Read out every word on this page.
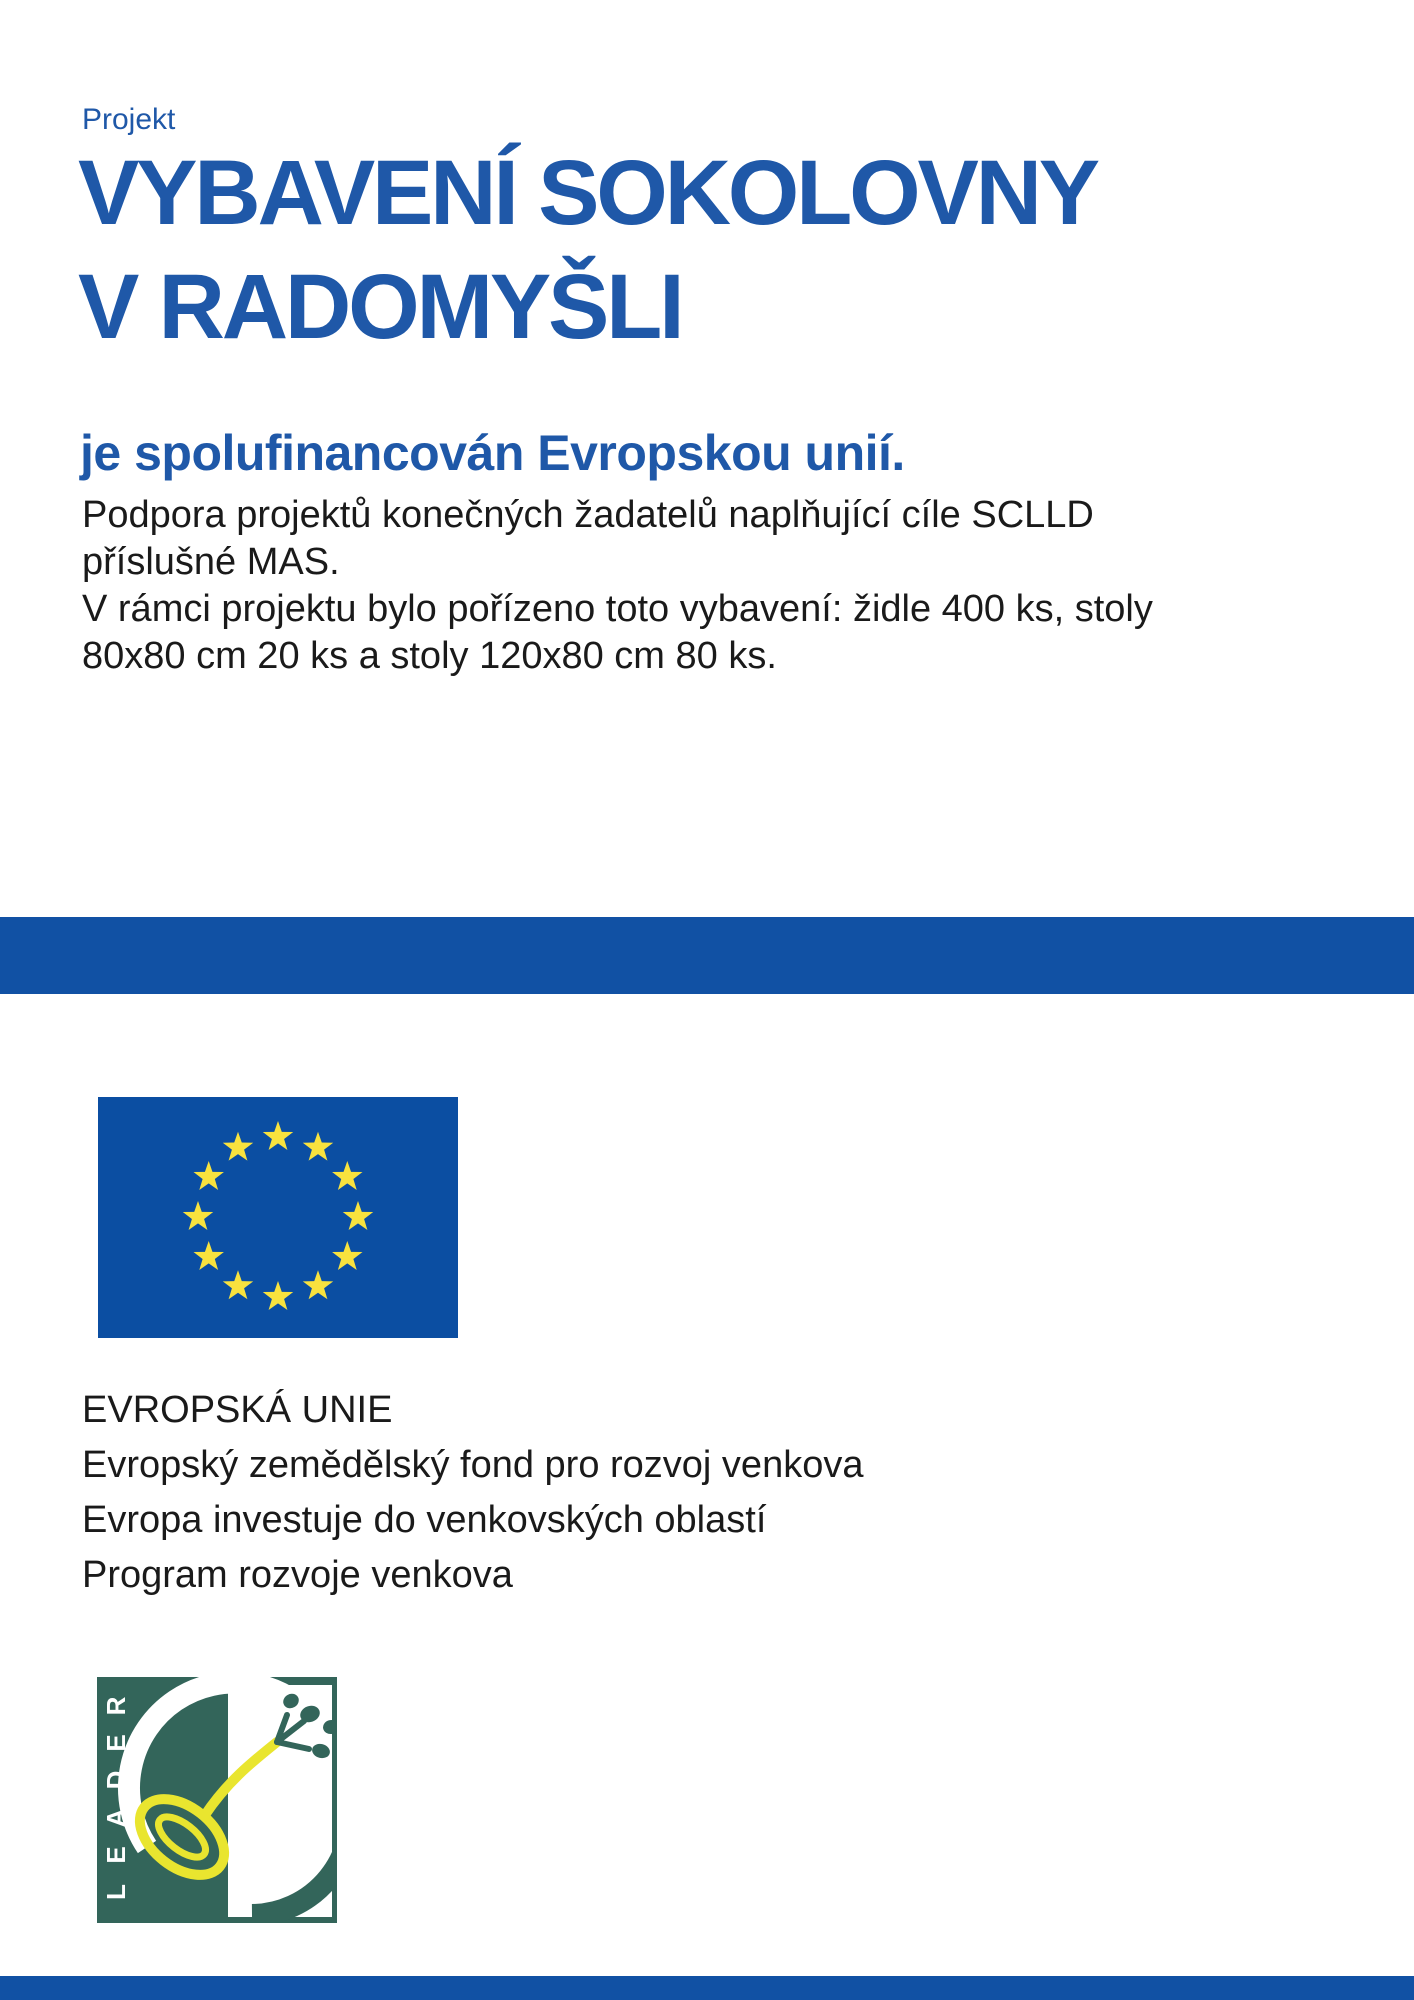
Projekt
VYBAVENÍ SOKOLOVNY
V RADOMYŠLI
je spolufinancován Evropskou unií.
Podpora projektů konečných žadatelů naplňující cíle SCLLD
příslušné MAS.
V rámci projektu bylo pořízeno toto vybavení: židle 400 ks, stoly
80x80 cm 20 ks a stoly 120x80 cm 80 ks.
EVROPSKÁ UNIE
Evropský zemědělský fond pro rozvoj venkova
Evropa investuje do venkovských oblastí
Program rozvoje venkova
R
E
D
A
E
L
